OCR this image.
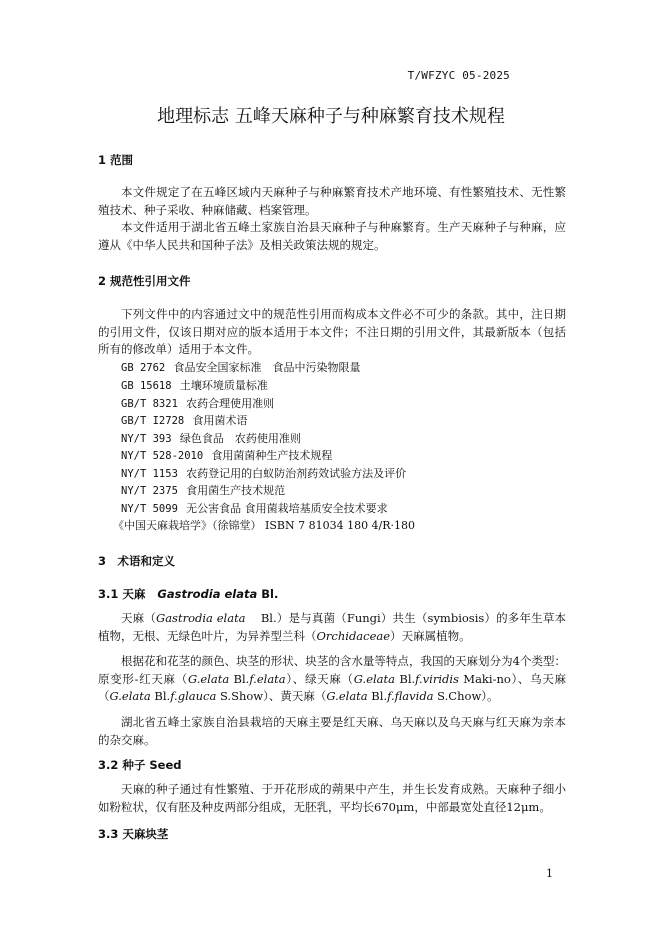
T/WFZYC 05-2025
地理标志 五峰天麻种子与种麻繁育技术规程
1 范围

本文件规定了在五峰区域内天麻种子与种麻繁育技术产地环境、有性繁殖技术、无性繁殖技术、种子采收、种麻储藏、档案管理。

本文件适用于湖北省五峰土家族自治县天麻种子与种麻繁育。生产天麻种子与种麻，应遵从《中华人民共和国种子法》及相关政策法规的规定。

2 规范性引用文件

下列文件中的内容通过文中的规范性引用而构成本文件必不可少的条款。其中，注日期的引用文件，仅该日期对应的版本适用于本文件；不注日期的引用文件，其最新版本（包括所有的修改单）适用于本文件。

GB 2762 食品安全国家标准　食品中污染物限量
GB 15618 土壤环境质量标准
GB/T 8321 农药合理使用准则
GB/T I2728 食用菌术语
NY/T 393 绿色食品　农药使用准则
NY/T 528-2010 食用菌菌种生产技术规程
NY/T 1153 农药登记用的白蚁防治剂药效试验方法及评价
NY/T 2375 食用菌生产技术规范
NY/T 5099 无公害食品 食用菌栽培基质安全技术要求
《中国天麻栽培学》（徐锦堂） ISBN 7 81034 180 4/R·180
3　术语和定义
3.1 天麻 Gastrodia elata Bl.

天麻（Gastrodia elata Bl.）是与真菌（Fungi）共生（symbiosis）的多年生草本植物，无根、无绿色叶片，为异养型兰科（Orchidaceae）天麻属植物。

根据花和花茎的颜色、块茎的形状、块茎的含水量等特点，我国的天麻划分为4个类型：原变形-红天麻（G.elata Bl.f.elata）、绿天麻（G.elata Bl.f.viridis Maki-no）、乌天麻（G.elata Bl.f.glauca S.Show）、黄天麻（G.elata Bl.f.flavida S.Chow）。

湖北省五峰土家族自治县栽培的天麻主要是红天麻、乌天麻以及乌天麻与红天麻为亲本的杂交麻。

3.2 种子 Seed

天麻的种子通过有性繁殖、于开花形成的蒴果中产生，并生长发育成熟。天麻种子细小如粉粒状，仅有胚及种皮两部分组成，无胚乳，平均长670μm，中部最宽处直径12μm。

3.3 天麻块茎
1
